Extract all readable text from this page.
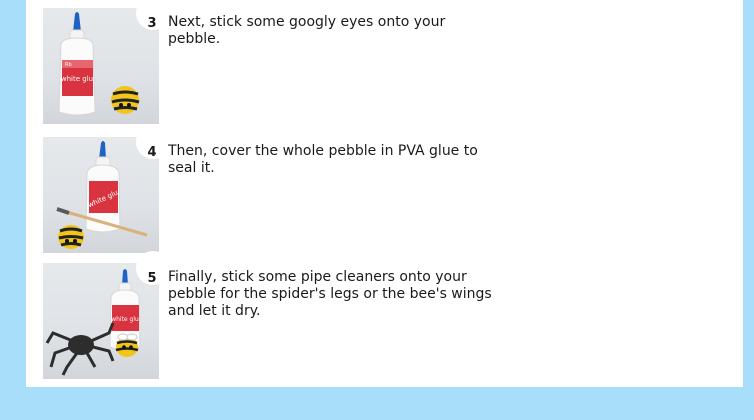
white glu
Rb
3 Next, stick some googly eyes onto your pebble.
white glu
4 Then, cover the whole pebble in PVA glue to seal it.
white glu
5 Finally, stick some pipe cleaners onto your pebble for the spider's legs or the bee's wings and let it dry.
